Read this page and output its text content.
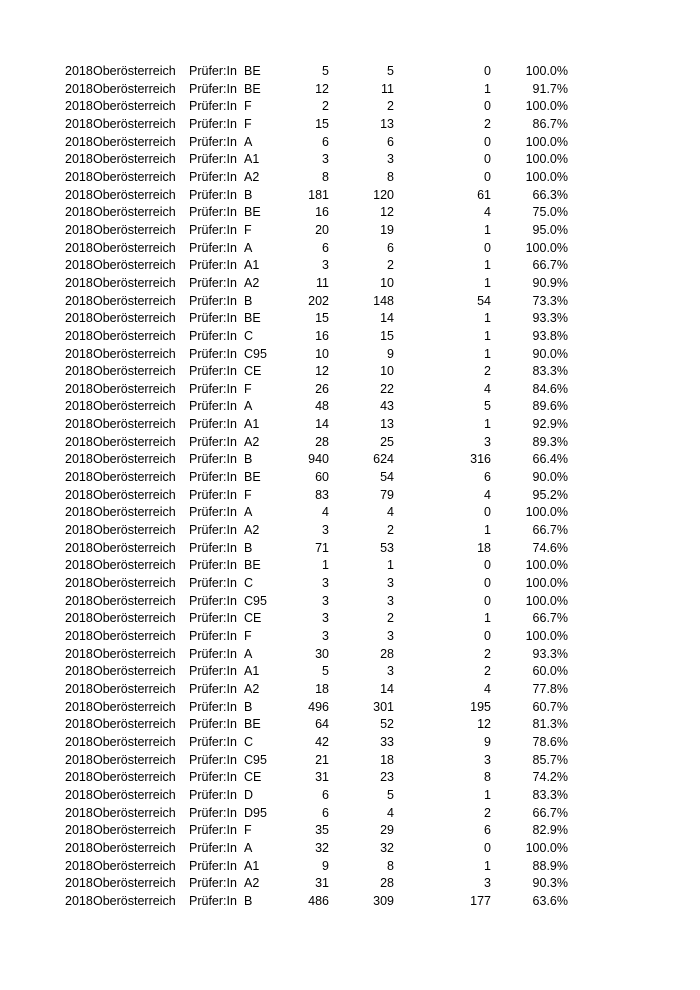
2018 Oberösterreich	Prüfer:In BE	5	5	0	100.0%
2018 Oberösterreich	Prüfer:In BE	12	11	1	91.7%
2018 Oberösterreich	Prüfer:In F	2	2	0	100.0%
2018 Oberösterreich	Prüfer:In F	15	13	2	86.7%
2018 Oberösterreich	Prüfer:In A	6	6	0	100.0%
2018 Oberösterreich	Prüfer:In A1	3	3	0	100.0%
2018 Oberösterreich	Prüfer:In A2	8	8	0	100.0%
2018 Oberösterreich	Prüfer:In B	181	120	61	66.3%
2018 Oberösterreich	Prüfer:In BE	16	12	4	75.0%
2018 Oberösterreich	Prüfer:In F	20	19	1	95.0%
2018 Oberösterreich	Prüfer:In A	6	6	0	100.0%
2018 Oberösterreich	Prüfer:In A1	3	2	1	66.7%
2018 Oberösterreich	Prüfer:In A2	11	10	1	90.9%
2018 Oberösterreich	Prüfer:In B	202	148	54	73.3%
2018 Oberösterreich	Prüfer:In BE	15	14	1	93.3%
2018 Oberösterreich	Prüfer:In C	16	15	1	93.8%
2018 Oberösterreich	Prüfer:In C95	10	9	1	90.0%
2018 Oberösterreich	Prüfer:In CE	12	10	2	83.3%
2018 Oberösterreich	Prüfer:In F	26	22	4	84.6%
2018 Oberösterreich	Prüfer:In A	48	43	5	89.6%
2018 Oberösterreich	Prüfer:In A1	14	13	1	92.9%
2018 Oberösterreich	Prüfer:In A2	28	25	3	89.3%
2018 Oberösterreich	Prüfer:In B	940	624	316	66.4%
2018 Oberösterreich	Prüfer:In BE	60	54	6	90.0%
2018 Oberösterreich	Prüfer:In F	83	79	4	95.2%
2018 Oberösterreich	Prüfer:In A	4	4	0	100.0%
2018 Oberösterreich	Prüfer:In A2	3	2	1	66.7%
2018 Oberösterreich	Prüfer:In B	71	53	18	74.6%
2018 Oberösterreich	Prüfer:In BE	1	1	0	100.0%
2018 Oberösterreich	Prüfer:In C	3	3	0	100.0%
2018 Oberösterreich	Prüfer:In C95	3	3	0	100.0%
2018 Oberösterreich	Prüfer:In CE	3	2	1	66.7%
2018 Oberösterreich	Prüfer:In F	3	3	0	100.0%
2018 Oberösterreich	Prüfer:In A	30	28	2	93.3%
2018 Oberösterreich	Prüfer:In A1	5	3	2	60.0%
2018 Oberösterreich	Prüfer:In A2	18	14	4	77.8%
2018 Oberösterreich	Prüfer:In B	496	301	195	60.7%
2018 Oberösterreich	Prüfer:In BE	64	52	12	81.3%
2018 Oberösterreich	Prüfer:In C	42	33	9	78.6%
2018 Oberösterreich	Prüfer:In C95	21	18	3	85.7%
2018 Oberösterreich	Prüfer:In CE	31	23	8	74.2%
2018 Oberösterreich	Prüfer:In D	6	5	1	83.3%
2018 Oberösterreich	Prüfer:In D95	6	4	2	66.7%
2018 Oberösterreich	Prüfer:In F	35	29	6	82.9%
2018 Oberösterreich	Prüfer:In A	32	32	0	100.0%
2018 Oberösterreich	Prüfer:In A1	9	8	1	88.9%
2018 Oberösterreich	Prüfer:In A2	31	28	3	90.3%
2018 Oberösterreich	Prüfer:In B	486	309	177	63.6%
